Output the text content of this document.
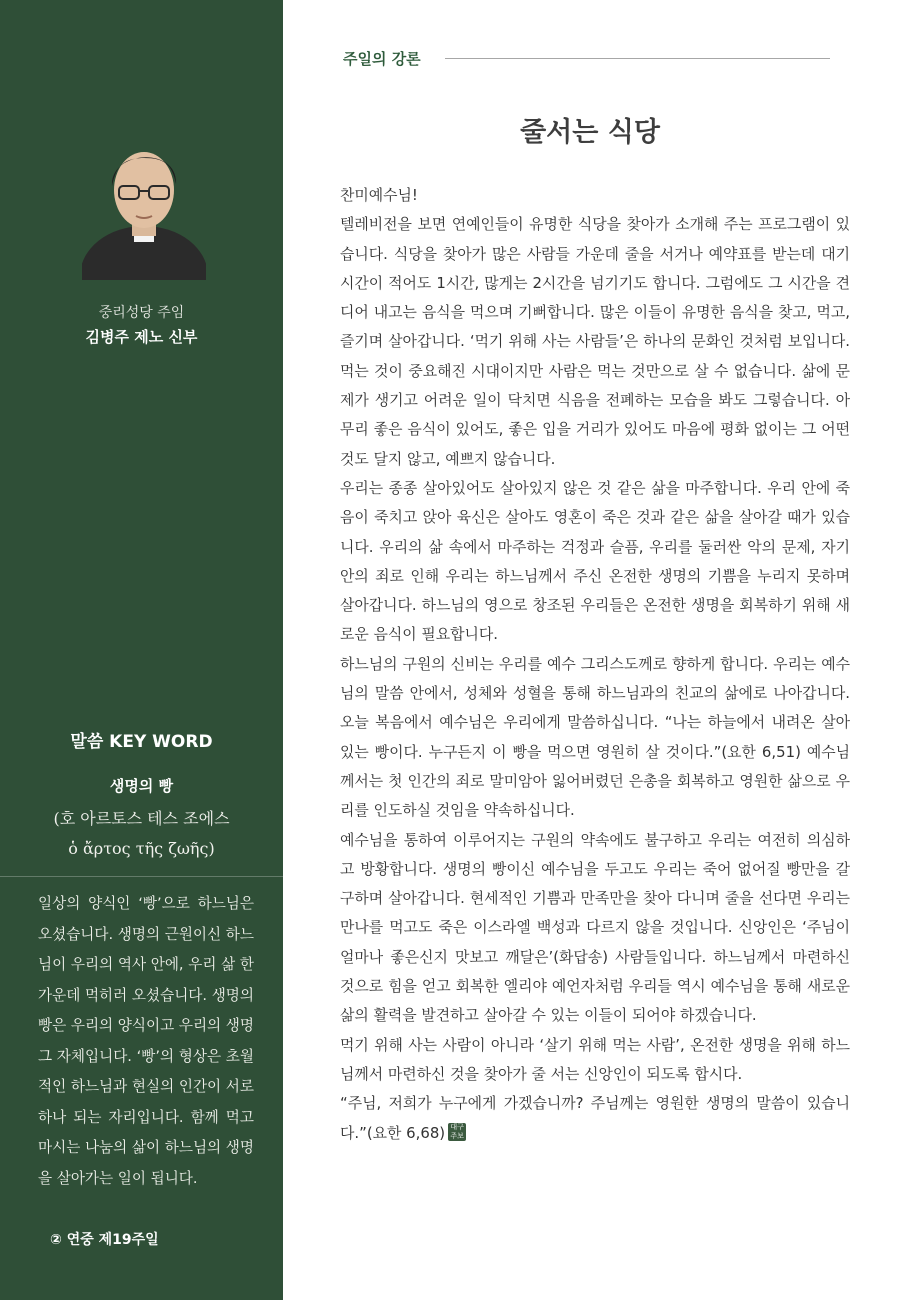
중리성당 주임
김병주 제노 신부
말씀 KEY WORD
생명의 빵
(호 아르토스 테스 조에스
ὁ ἄρτος τῆς ζωῆς)
일상의 양식인 ‘빵’으로 하느님은 오셨습니다. 생명의 근원이신 하느님이 우리의 역사 안에, 우리 삶 한가운데 먹히러 오셨습니다. 생명의 빵은 우리의 양식이고 우리의 생명 그 자체입니다. ‘빵’의 형상은 초월적인 하느님과 현실의 인간이 서로 하나 되는 자리입니다. 함께 먹고 마시는 나눔의 삶이 하느님의 생명을 살아가는 일이 됩니다.
② 연중 제19주일
주일의 강론
줄서는 식당

찬미예수님!

텔레비전을 보면 연예인들이 유명한 식당을 찾아가 소개해 주는 프로그램이 있습니다. 식당을 찾아가 많은 사람들 가운데 줄을 서거나 예약표를 받는데 대기시간이 적어도 1시간, 많게는 2시간을 넘기기도 합니다. 그럼에도 그 시간을 견디어 내고는 음식을 먹으며 기뻐합니다. 많은 이들이 유명한 음식을 찾고, 먹고, 즐기며 살아갑니다. ‘먹기 위해 사는 사람들’은 하나의 문화인 것처럼 보입니다. 먹는 것이 중요해진 시대이지만 사람은 먹는 것만으로 살 수 없습니다. 삶에 문제가 생기고 어려운 일이 닥치면 식음을 전폐하는 모습을 봐도 그렇습니다. 아무리 좋은 음식이 있어도, 좋은 입을 거리가 있어도 마음에 평화 없이는 그 어떤 것도 달지 않고, 예쁘지 않습니다.

우리는 종종 살아있어도 살아있지 않은 것 같은 삶을 마주합니다. 우리 안에 죽음이 죽치고 앉아 육신은 살아도 영혼이 죽은 것과 같은 삶을 살아갈 때가 있습니다. 우리의 삶 속에서 마주하는 걱정과 슬픔, 우리를 둘러싼 악의 문제, 자기 안의 죄로 인해 우리는 하느님께서 주신 온전한 생명의 기쁨을 누리지 못하며 살아갑니다. 하느님의 영으로 창조된 우리들은 온전한 생명을 회복하기 위해 새로운 음식이 필요합니다.

하느님의 구원의 신비는 우리를 예수 그리스도께로 향하게 합니다. 우리는 예수님의 말씀 안에서, 성체와 성혈을 통해 하느님과의 친교의 삶에로 나아갑니다. 오늘 복음에서 예수님은 우리에게 말씀하십니다. “나는 하늘에서 내려온 살아 있는 빵이다. 누구든지 이 빵을 먹으면 영원히 살 것이다.”(요한 6,51) 예수님께서는 첫 인간의 죄로 말미암아 잃어버렸던 은총을 회복하고 영원한 삶으로 우리를 인도하실 것임을 약속하십니다.

예수님을 통하여 이루어지는 구원의 약속에도 불구하고 우리는 여전히 의심하고 방황합니다. 생명의 빵이신 예수님을 두고도 우리는 죽어 없어질 빵만을 갈구하며 살아갑니다. 현세적인 기쁨과 만족만을 찾아 다니며 줄을 선다면 우리는 만나를 먹고도 죽은 이스라엘 백성과 다르지 않을 것입니다. 신앙인은 ‘주님이 얼마나 좋은신지 맛보고 깨달은’(화답송) 사람들입니다. 하느님께서 마련하신 것으로 힘을 얻고 회복한 엘리야 예언자처럼 우리들 역시 예수님을 통해 새로운 삶의 활력을 발견하고 살아갈 수 있는 이들이 되어야 하겠습니다.

먹기 위해 사는 사람이 아니라 ‘살기 위해 먹는 사람’, 온전한 생명을 위해 하느님께서 마련하신 것을 찾아가 줄 서는 신앙인이 되도록 합시다.

“주님, 저희가 누구에게 가겠습니까? 주님께는 영원한 생명의 말씀이 있습니다.”(요한 6,68) 대구주보
